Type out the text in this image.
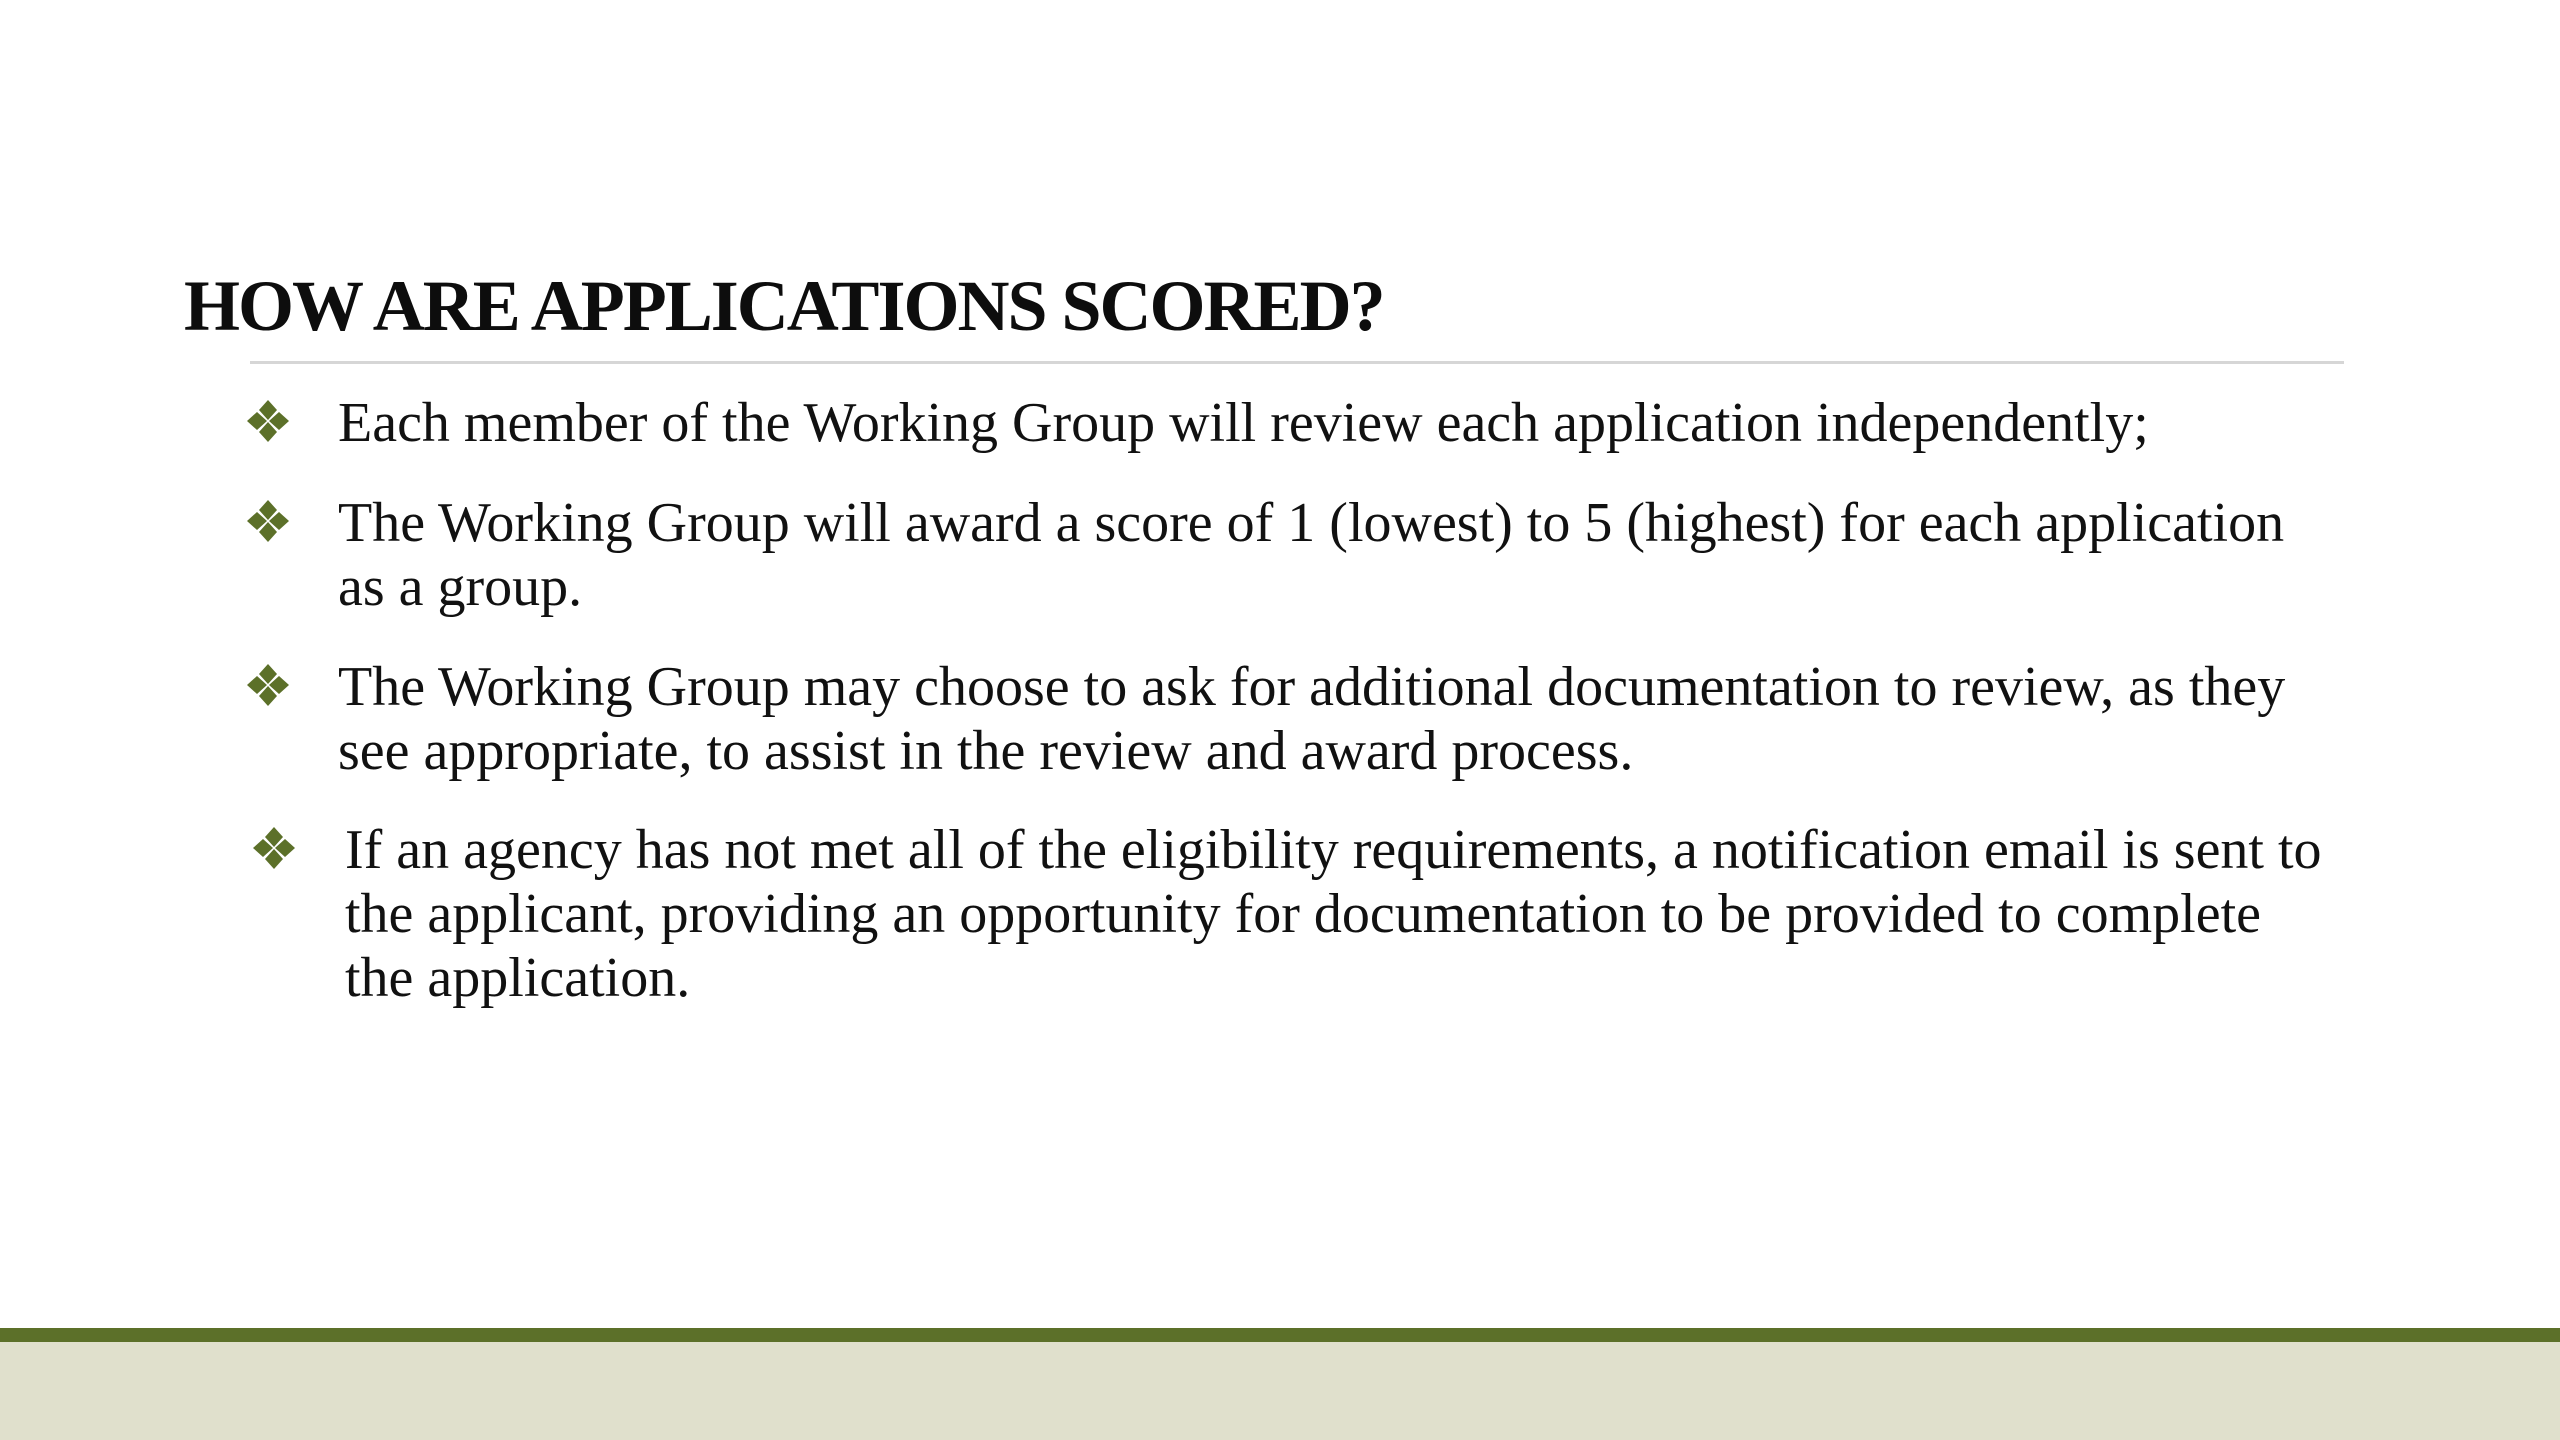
HOW ARE APPLICATIONS SCORED?
Each member of the Working Group will review each application independently;
The Working Group will award a score of 1 (lowest) to 5 (highest) for each application
as a group.
The Working Group may choose to ask for additional documentation to review, as they
see appropriate, to assist in the review and award process.
If an agency has not met all of the eligibility requirements, a notification email is sent to
the applicant, providing an opportunity for documentation to be provided to complete
the application.
